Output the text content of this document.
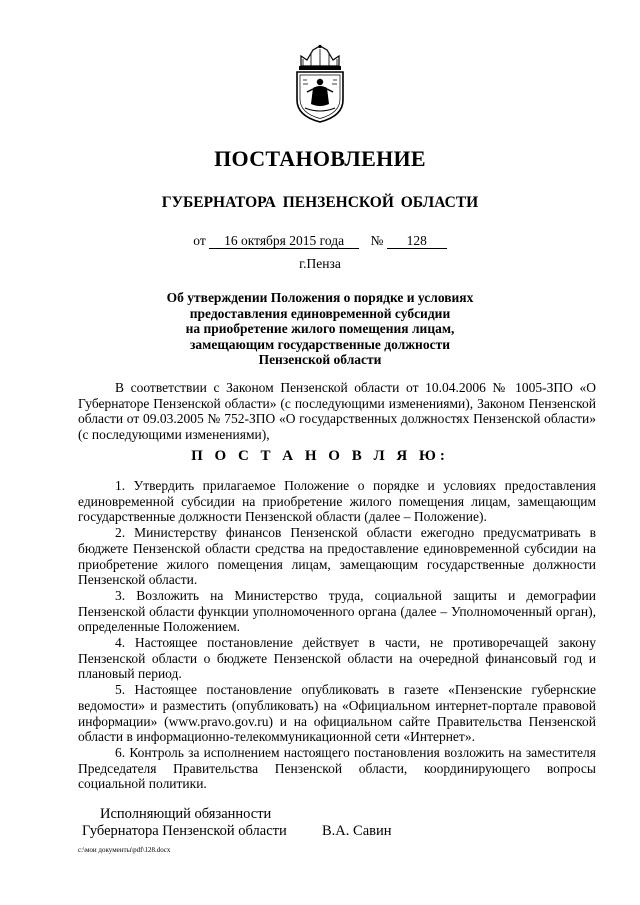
ПОСТАНОВЛЕНИЕ
ГУБЕРНАТОРА ПЕНЗЕНСКОЙ ОБЛАСТИ
от 16 октября 2015 года № 128
г.Пенза
Об утверждении Положения о порядке и условиях
предоставления единовременной субсидии
на приобретение жилого помещения лицам,
замещающим государственные должности
Пензенской области

В соответствии с Законом Пензенской области от 10.04.2006 № 1005-ЗПО «О Губернаторе Пензенской области» (с последующими изменениями), Законом Пензенской области от 09.03.2005 № 752-ЗПО «О государственных должностях Пензенской области» (с последующими изменениями),

П О С Т А Н О В Л Я Ю:

1. Утвердить прилагаемое Положение о порядке и условиях предоставления единовременной субсидии на приобретение жилого помещения лицам, замещающим государственные должности Пензенской области (далее – Положение).

2. Министерству финансов Пензенской области ежегодно предусматривать в бюджете Пензенской области средства на предоставление единовременной субсидии на приобретение жилого помещения лицам, замещающим государственные должности Пензенской области.

3. Возложить на Министерство труда, социальной защиты и демографии Пензенской области функции уполномоченного органа (далее – Уполномоченный орган), определенные Положением.

4. Настоящее постановление действует в части, не противоречащей закону Пензенской области о бюджете Пензенской области на очередной финансовый год и плановый период.

5. Настоящее постановление опубликовать в газете «Пензенские губернские ведомости» и разместить (опубликовать) на «Официальном интернет-портале правовой информации» (www.pravo.gov.ru) и на официальном сайте Правительства Пензенской области в информационно-телекоммуникационной сети «Интернет».

6. Контроль за исполнением настоящего постановления возложить на заместителя Председателя Правительства Пензенской области, координирующего вопросы социальной политики.

Исполняющий обязанности
Губернатора Пензенской области В.А. Савин
c:\мои документы\pdf\128.docx
